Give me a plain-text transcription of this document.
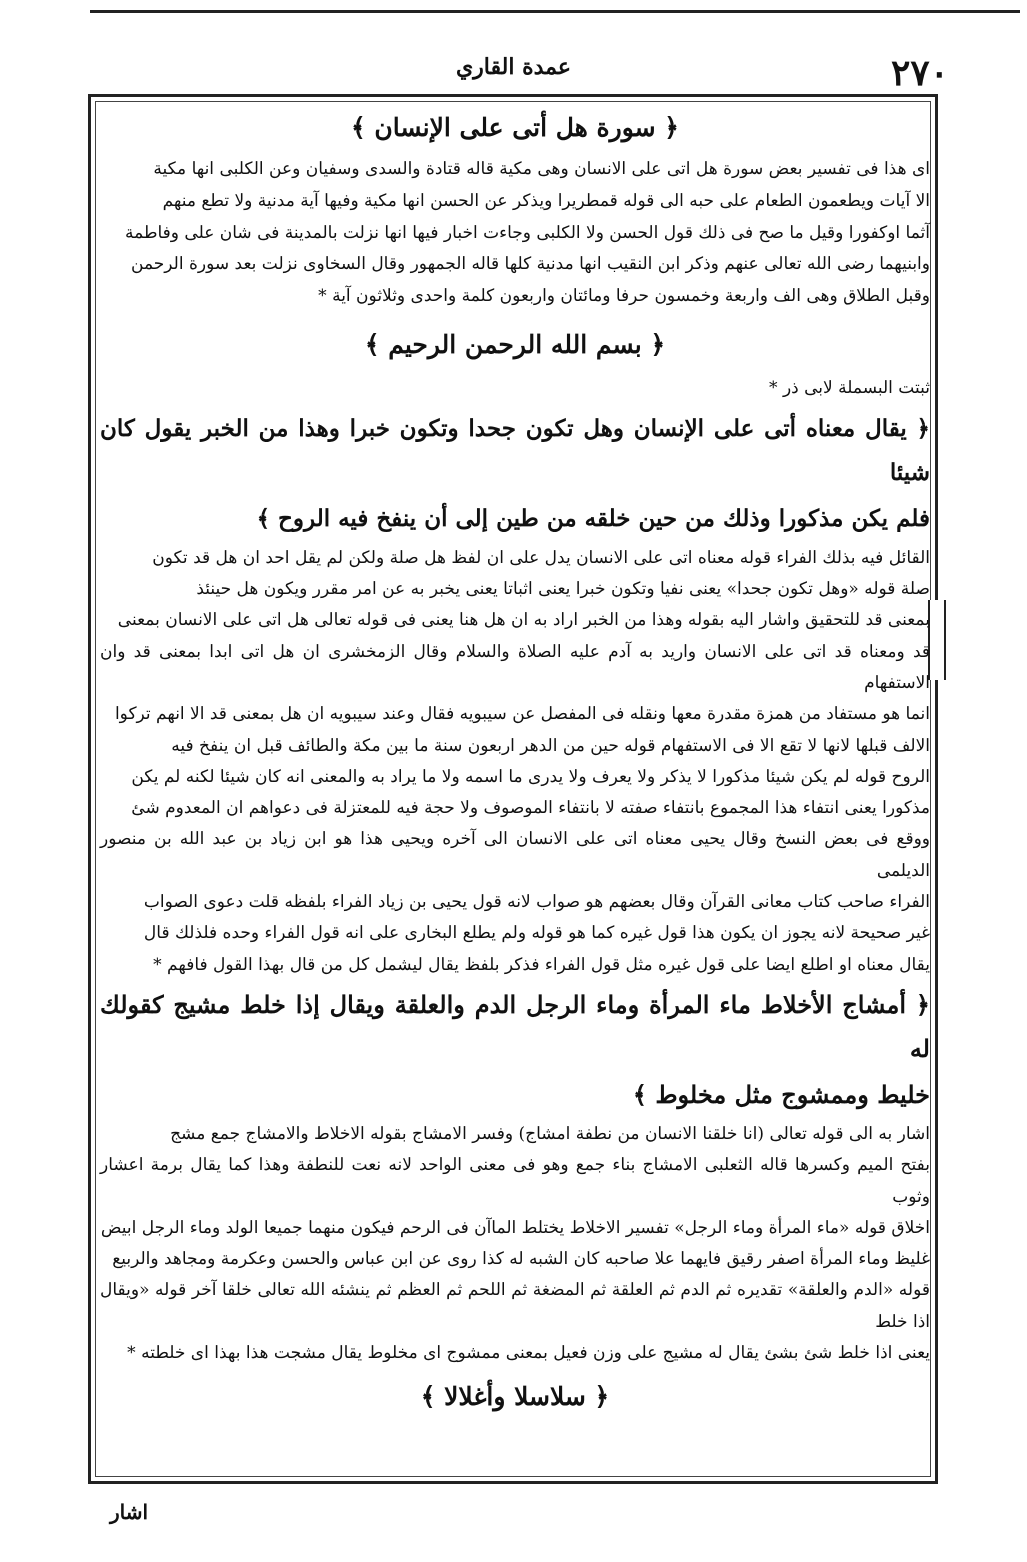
٢٧٠
عمدة القاري
﴿ سورة هل أتى على الإنسان ﴾

اى هذا فى تفسير بعض سورة هل اتى على الانسان وهى مكية قاله قتادة والسدى وسفيان وعن الكلبى انها مكية

الا آيات ويطعمون الطعام على حبه الى قوله قمطريرا ويذكر عن الحسن انها مكية وفيها آية مدنية ولا تطع منهم

آثما اوكفورا وقيل ما صح فى ذلك قول الحسن ولا الكلبى وجاءت اخبار فيها انها نزلت بالمدينة فى شان على وفاطمة

وابنيهما رضى الله تعالى عنهم وذكر ابن النقيب انها مدنية كلها قاله الجمهور وقال السخاوى نزلت بعد سورة الرحمن

وقبل الطلاق وهى الف واربعة وخمسون حرفا ومائتان واربعون كلمة واحدى وثلاثون آية *

﴿ بسم الله الرحمن الرحيم ﴾

ثبتت البسملة لابى ذر *

﴿ يقال معناه أتى على الإنسان وهل تكون جحدا وتكون خبرا وهذا من الخبر يقول كان شيئا

فلم يكن مذكورا وذلك من حين خلقه من طين إلى أن ينفخ فيه الروح ﴾

القائل فيه بذلك الفراء قوله معناه اتى على الانسان يدل على ان لفظ هل صلة ولكن لم يقل احد ان هل قد تكون

صلة قوله «وهل تكون جحدا» يعنى نفيا وتكون خبرا يعنى اثباتا يعنى يخبر به عن امر مقرر ويكون هل حينئذ

بمعنى قد للتحقيق واشار اليه بقوله وهذا من الخبر اراد به ان هل هنا يعنى فى قوله تعالى هل اتى على الانسان بمعنى

قد ومعناه قد اتى على الانسان واريد به آدم عليه الصلاة والسلام وقال الزمخشرى ان هل اتى ابدا بمعنى قد وان الاستفهام

انما هو مستفاد من همزة مقدرة معها ونقله فى المفصل عن سيبويه فقال وعند سيبويه ان هل بمعنى قد الا انهم تركوا

الالف قبلها لانها لا تقع الا فى الاستفهام قوله حين من الدهر اربعون سنة ما بين مكة والطائف قبل ان ينفخ فيه

الروح قوله لم يكن شيئا مذكورا لا يذكر ولا يعرف ولا يدرى ما اسمه ولا ما يراد به والمعنى انه كان شيئا لكنه لم يكن

مذكورا يعنى انتفاء هذا المجموع بانتفاء صفته لا بانتفاء الموصوف ولا حجة فيه للمعتزلة فى دعواهم ان المعدوم شئ

ووقع فى بعض النسخ وقال يحيى معناه اتى على الانسان الى آخره ويحيى هذا هو ابن زياد بن عبد الله بن منصور الديلمى

الفراء صاحب كتاب معانى القرآن وقال بعضهم هو صواب لانه قول يحيى بن زياد الفراء بلفظه قلت دعوى الصواب

غير صحيحة لانه يجوز ان يكون هذا قول غيره كما هو قوله ولم يطلع البخارى على انه قول الفراء وحده فلذلك قال

يقال معناه او اطلع ايضا على قول غيره مثل قول الفراء فذكر بلفظ يقال ليشمل كل من قال بهذا القول فافهم *

﴿ أمشاج الأخلاط ماء المرأة وماء الرجل الدم والعلقة ويقال إذا خلط مشيج كقولك له

خليط وممشوج مثل مخلوط ﴾

اشار به الى قوله تعالى (انا خلقنا الانسان من نطفة امشاج) وفسر الامشاج بقوله الاخلاط والامشاج جمع مشج

بفتح الميم وكسرها قاله الثعلبى الامشاج بناء جمع وهو فى معنى الواحد لانه نعت للنطفة وهذا كما يقال برمة اعشار وثوب

اخلاق قوله «ماء المرأة وماء الرجل» تفسير الاخلاط يختلط الماآن فى الرحم فيكون منهما جميعا الولد وماء الرجل ابيض

غليظ وماء المرأة اصفر رقيق فايهما علا صاحبه كان الشبه له كذا روى عن ابن عباس والحسن وعكرمة ومجاهد والربيع

قوله «الدم والعلقة» تقديره ثم الدم ثم العلقة ثم المضغة ثم اللحم ثم العظم ثم ينشئه الله تعالى خلقا آخر قوله «ويقال اذا خلط

يعنى اذا خلط شئ بشئ يقال له مشيج على وزن فعيل بمعنى ممشوج اى مخلوط يقال مشجت هذا بهذا اى خلطته *

﴿ سلاسلا وأغلالا ﴾
اشار
